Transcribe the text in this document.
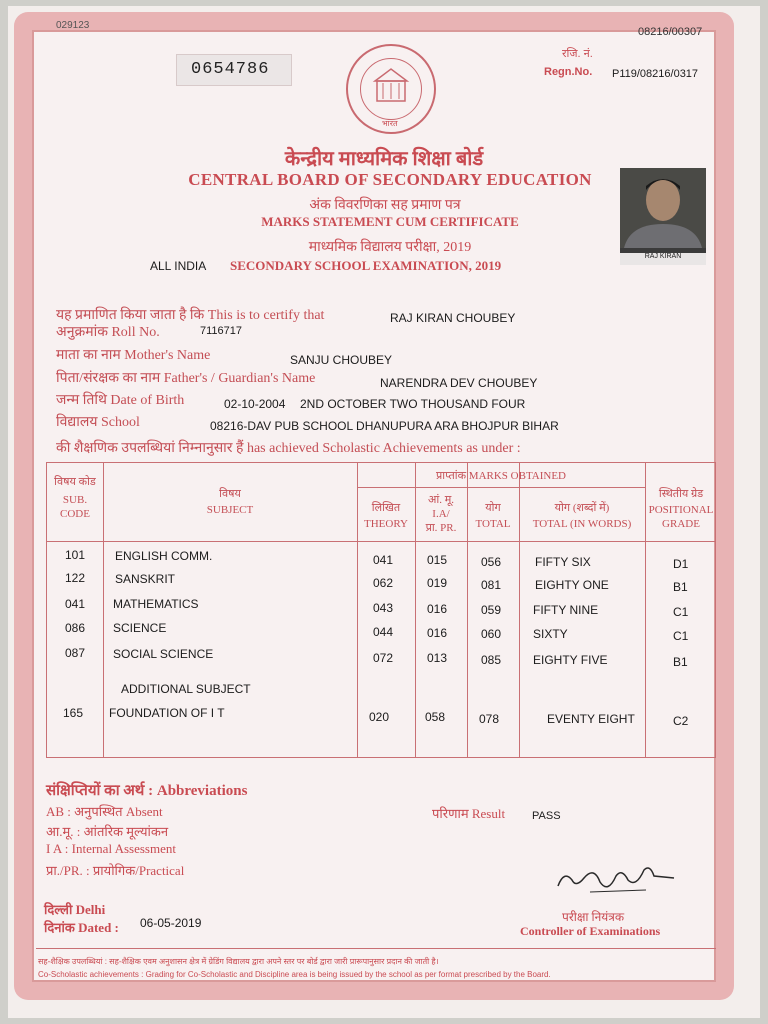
029123
08216/00307
0654786
रजि. नं.
Regn.No. P119/08216/0317
भारत
केन्द्रीय माध्यमिक शिक्षा बोर्ड
CENTRAL BOARD OF SECONDARY EDUCATION
अंक विवरणिका सह प्रमाण पत्र
MARKS STATEMENT CUM CERTIFICATE
माध्यमिक विद्यालय परीक्षा, 2019
ALL INDIA SECONDARY SCHOOL EXAMINATION, 2019
RAJ KIRAN
यह प्रमाणित किया जाता है कि This is to certify that	RAJ KIRAN CHOUBEY
अनुक्रमांक Roll No.	7116717
माता का नाम Mother's Name	SANJU CHOUBEY
पिता/संरक्षक का नाम Father's / Guardian's Name	NARENDRA DEV CHOUBEY
जन्म तिथि Date of Birth	02-10-2004 2ND OCTOBER TWO THOUSAND FOUR
विद्यालय School	08216-DAV PUB SCHOOL DHANUPURA ARA BHOJPUR BIHAR
की शैक्षणिक उपलब्धियां निम्नानुसार हैं has achieved Scholastic Achievements as under :
विषय कोड
SUB.
CODE
विषय
SUBJECT
प्राप्तांक MARKS OBTAINED
लिखित
THEORY
आं. मू.
I.A/
प्रा. PR.
योग
TOTAL
योग (शब्दों में)
TOTAL (IN WORDS)
स्थितीय ग्रेड
POSITIONAL
GRADE
101 ENGLISH COMM.	041	015	056	FIFTY SIX	D1
122 SANSKRIT	062	019	081	EIGHTY ONE	B1
041 MATHEMATICS	043	016	059	FIFTY NINE	C1
086 SCIENCE	044	016	060	SIXTY	C1
087 SOCIAL SCIENCE	072	013	085	EIGHTY FIVE	B1
ADDITIONAL SUBJECT
165 FOUNDATION OF I T	020	058	078	EVENTY EIGHT	C2
संक्षिप्तियों का अर्थ : Abbreviations
AB : अनुपस्थित Absent
आ.मू. : आंतरिक मूल्यांकन
I A : Internal Assessment
प्रा./PR. : प्रायोगिक/Practical
परिणाम Result PASS
दिल्ली Delhi
दिनांक Dated : 06-05-2019	परीक्षा नियंत्रक
Controller of Examinations
सह-शैक्षिक उपलब्धियां : सह-शैक्षिक एवम अनुशासन क्षेत्र में ग्रेडिंग विद्यालय द्वारा अपने स्तर पर बोर्ड द्वारा जारी प्रारूपानुसार प्रदान की जाती है।
Co-Scholastic achievements : Grading for Co-Scholastic and Discipline area is being issued by the school as per format prescribed by the Board.
